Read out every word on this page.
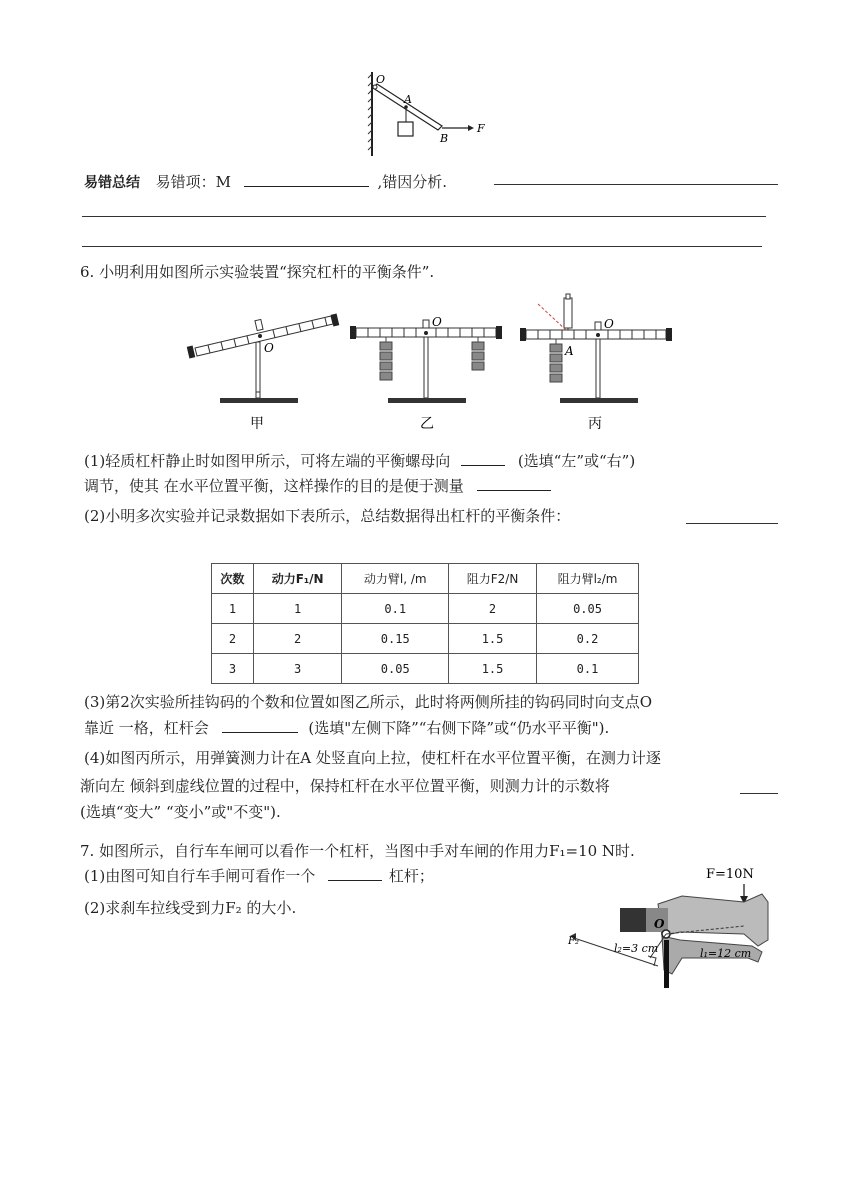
O
A
B
F
易错总结 易错项：M	,错因分析.
6. 小明利用如图所示实验装置“探究杠杆的平衡条件”.
O
甲
O
乙
A
O
丙
(1)轻质杠杆静止时如图甲所示，可将左端的平衡螺母向	(选填“左”或“右”)
调节，使其 在水平位置平衡，这样操作的目的是便于测量
(2)小明多次实验并记录数据如下表所示，总结数据得出杠杆的平衡条件：
次数	动力F₁/N	动力臂l, /m	阻力F2/N	阻力臂l₂/m
1	1	0.1	2	0.05
2	2	0.15	1.5	0.2
3	3	0.05	1.5	0.1
(3)第2次实验所挂钩码的个数和位置如图乙所示，此时将两侧所挂的钩码同时向支点O
靠近 一格，杠杆会	(选填"左侧下降”“右侧下降”或“仍水平平衡").
(4)如图丙所示，用弹簧测力计在A 处竖直向上拉，使杠杆在水平位置平衡，在测力计逐
渐向左 倾斜到虚线位置的过程中，保持杠杆在水平位置平衡，则测力计的示数将
(选填“变大” “变小”或"不变").
7. 如图所示，自行车车闸可以看作一个杠杆，当图中手对车闸的作用力F₁=10 N时.
(1)由图可知自行车手闸可看作一个	杠杆；
(2)求刹车拉线受到力F₂ 的大小.
F=10N
O
F₂
l₂=3 cm	l₁=12 cm
